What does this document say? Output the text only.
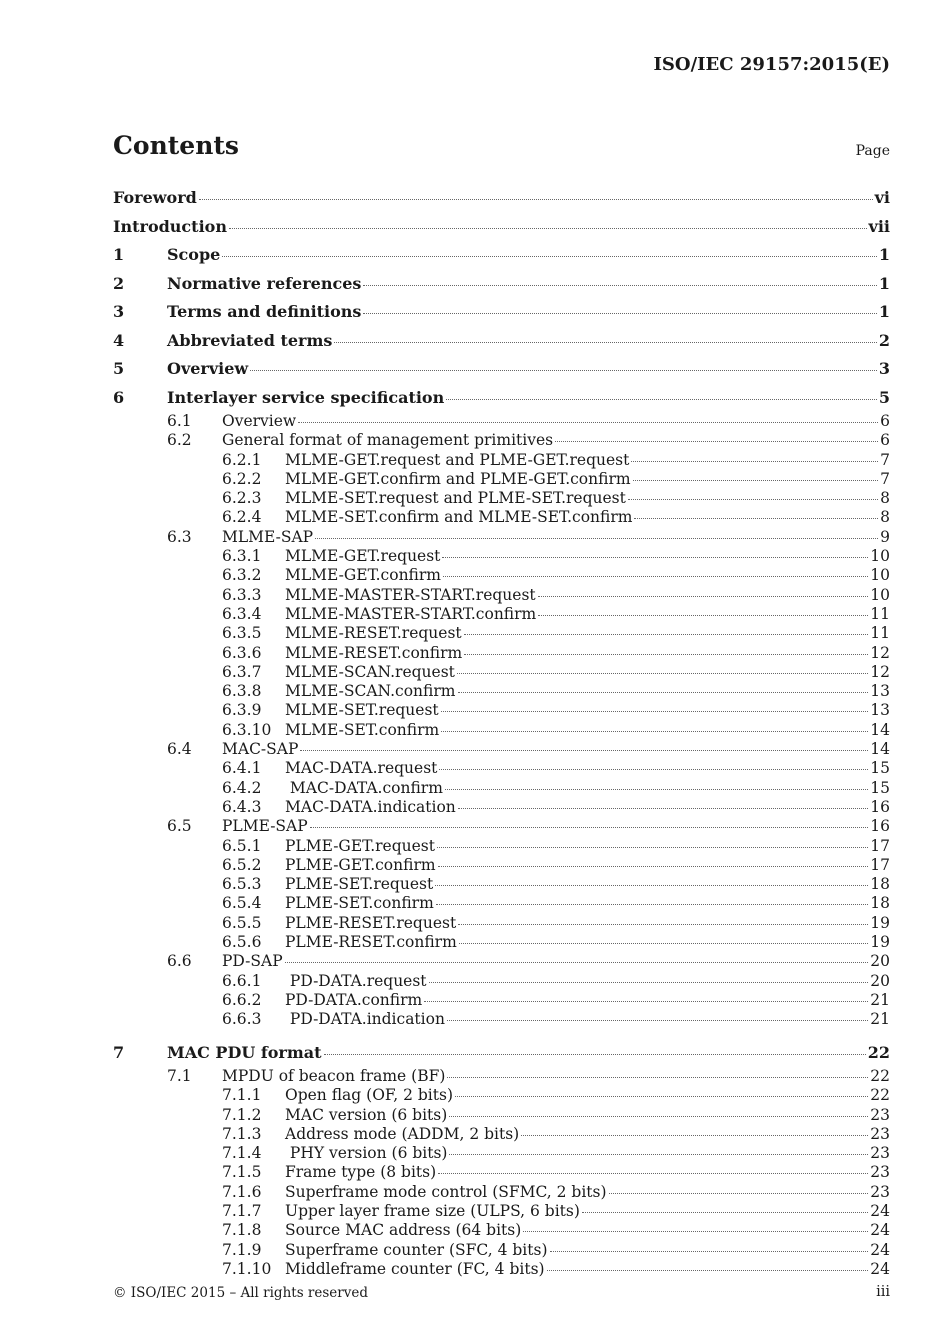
ISO/IEC 29157:2015(E)
Contents	Page
Foreword	vi
Introduction	vii
1	Scope	1
2	Normative references	1
3	Terms and definitions	1
4	Abbreviated terms	2
5	Overview	3
6	Interlayer service specification	5
6.1	Overview	6
6.2	General format of management primitives	6
6.2.1	MLME-GET.request and PLME-GET.request	7
6.2.2	MLME-GET.confirm and PLME-GET.confirm	7
6.2.3	MLME-SET.request and PLME-SET.request	8
6.2.4	MLME-SET.confirm and MLME-SET.confirm	8
6.3	MLME-SAP	9
6.3.1	MLME-GET.request	10
6.3.2	MLME-GET.confirm	10
6.3.3	MLME-MASTER-START.request	10
6.3.4	MLME-MASTER-START.confirm	11
6.3.5	MLME-RESET.request	11
6.3.6	MLME-RESET.confirm	12
6.3.7	MLME-SCAN.request	12
6.3.8	MLME-SCAN.confirm	13
6.3.9	MLME-SET.request	13
6.3.10 MLME-SET.confirm	14
6.4	MAC-SAP	14
6.4.1	MAC-DATA.request	15
6.4.2	MAC-DATA.confirm	15
6.4.3	MAC-DATA.indication	16
6.5	PLME-SAP	16
6.5.1	PLME-GET.request	17
6.5.2	PLME-GET.confirm	17
6.5.3	PLME-SET.request	18
6.5.4	PLME-SET.confirm	18
6.5.5	PLME-RESET.request	19
6.5.6	PLME-RESET.confirm	19
6.6	PD-SAP	20
6.6.1	PD-DATA.request	20
6.6.2	PD-DATA.confirm	21
6.6.3	PD-DATA.indication	21
7	MAC PDU format	22
7.1	MPDU of beacon frame (BF)	22
7.1.1	Open flag (OF, 2 bits)	22
7.1.2	MAC version (6 bits)	23
7.1.3	Address mode (ADDM, 2 bits)	23
7.1.4	PHY version (6 bits)	23
7.1.5	Frame type (8 bits)	23
7.1.6	Superframe mode control (SFMC, 2 bits)	23
7.1.7	Upper layer frame size (ULPS, 6 bits)	24
7.1.8	Source MAC address (64 bits)	24
7.1.9	Superframe counter (SFC, 4 bits)	24
7.1.10 Middleframe counter (FC, 4 bits)	24
© ISO/IEC 2015 – All rights reserved	iii
